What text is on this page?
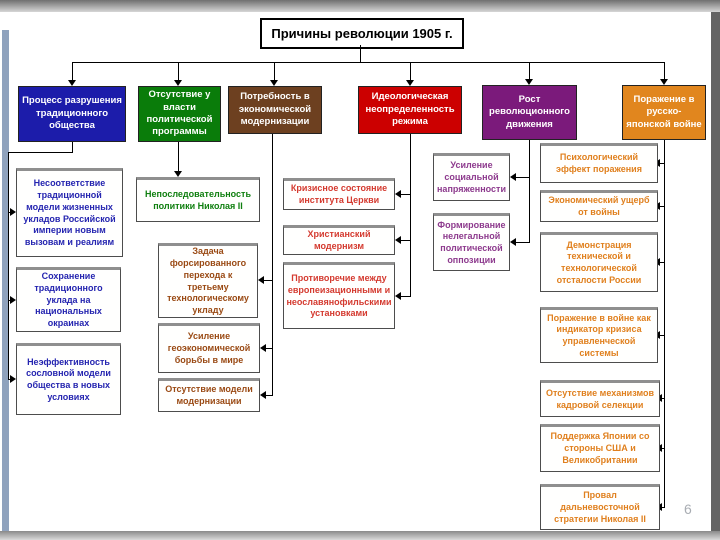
Причины революции 1905 г.
Процесс разрушения традиционного общества
Отсутствие у власти политической программы
Потребность в экономической модернизации
Идеологическая неопределенность режима
Рост революционного движения
Поражение в русско-японской войне
Несоответствие традиционной модели жизненных укладов Российской империи новым вызовам и реалиям
Сохранение традиционного уклада на национальных окраинах
Неэффективность сословной модели общества в новых условиях
Непоследовательность политики Николая II
Задача форсированного перехода к третьему технологическому укладу
Усиление геоэкономической борьбы в мире
Отсутствие модели модернизации
Кризисное состояние института Церкви
Христианский модернизм
Противоречие между европеизационными и неославянофильскими установками
Усиление социальной напряженности
Формирование нелегальной политической оппозиции
Психологический эффект поражения
Экономический ущерб от войны
Демонстрация технической и технологической отсталости России
Поражение в войне как индикатор кризиса управленческой системы
Отсутствие механизмов кадровой селекции
Поддержка Японии со стороны США и Великобритании
Провал дальневосточной стратегии Николая II
6
